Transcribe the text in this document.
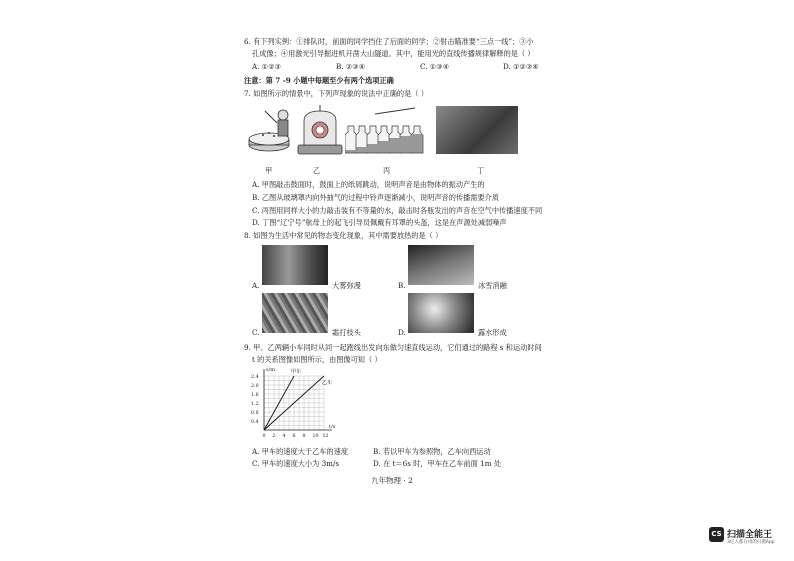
6. 有下列实例：①排队时，前面的同学挡住了后面的同学；②射击瞄准要“三点一线”；③小
孔成像；④用激光引导掘进机开凿大山隧道。其中，能用光的直线传播规律解释的是（ ）
A. ①②③	B. ②③④	C. ①③④	D. ①②③④
注意：第 7 -9 小题中每题至少有两个选项正确
7. 如图所示的情景中，下列声现象的说法中正确的是（ ）
甲	乙	丙	丁
A. 甲图敲击鼓面时，鼓面上的纸屑跳动，说明声音是由物体的振动产生的
B. 乙图从玻璃罩内向外抽气的过程中铃声逐渐减小，说明声音的传播需要介质
C. 丙图用同样大小的力敲击装有不等量的水，敲击时各瓶发出的声音在空气中传播速度不同
D. 丁图“辽宁号”航母上的起飞引导员佩戴有耳罩的头盔，这是在声源处减弱噪声
8. 如图为生活中常见的物态变化现象，其中需要放热的是（ ）
A.	大雾弥漫	B.	冰雪消融
C.	霜打枝头	D.	露水形成
9. 甲、乙两辆小车同时从同一起跑线出发向东做匀速直线运动，它们通过的路程 s 和运动时间
t 的关系图像如图所示，由图像可知（ ）
s/m
t/s
0 2 4 6 8 10 12
0.4
0.8
1.2
1.6
2.0
2.4
甲车
乙车
A. 甲车的速度大于乙车的速度	B. 若以甲车为参照物，乙车向西运动
C. 甲车的速度大小为 3m/s	D. 在 t＝6s 时，甲车在乙车前面 1m 处
九年物理 · 2
CS 扫描全能王
3亿人都在用的扫描App
